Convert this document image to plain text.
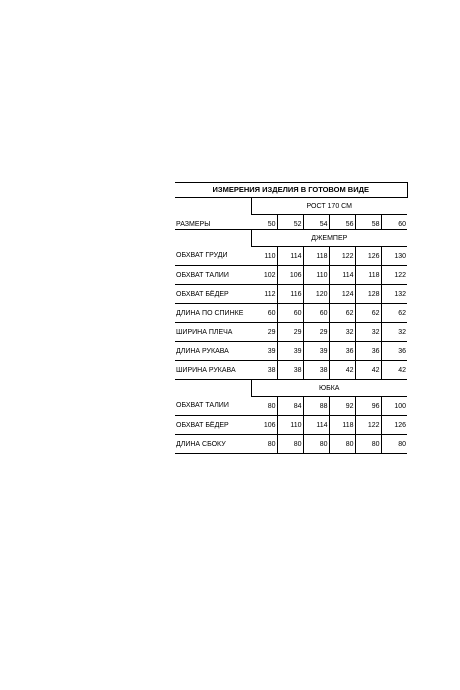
ИЗМЕРЕНИЯ ИЗДЕЛИЯ В ГОТОВОМ ВИДЕ						
	РОСТ 170 СМ					
РАЗМЕРЫ	50	52	54	56	58	60
	ДЖЕМПЕР					
ОБХВАТ ГРУДИ	110	114	118	122	126	130
ОБХВАТ ТАЛИИ	102	106	110	114	118	122
ОБХВАТ БЁДЕР	112	116	120	124	128	132
ДЛИНА ПО СПИНКЕ	60	60	60	62	62	62
ШИРИНА ПЛЕЧА	29	29	29	32	32	32
ДЛИНА РУКАВА	39	39	39	36	36	36
ШИРИНА РУКАВА	38	38	38	42	42	42
	ЮБКА					
ОБХВАТ ТАЛИИ	80	84	88	92	96	100
ОБХВАТ БЁДЕР	106	110	114	118	122	126
ДЛИНА СБОКУ	80	80	80	80	80	80
